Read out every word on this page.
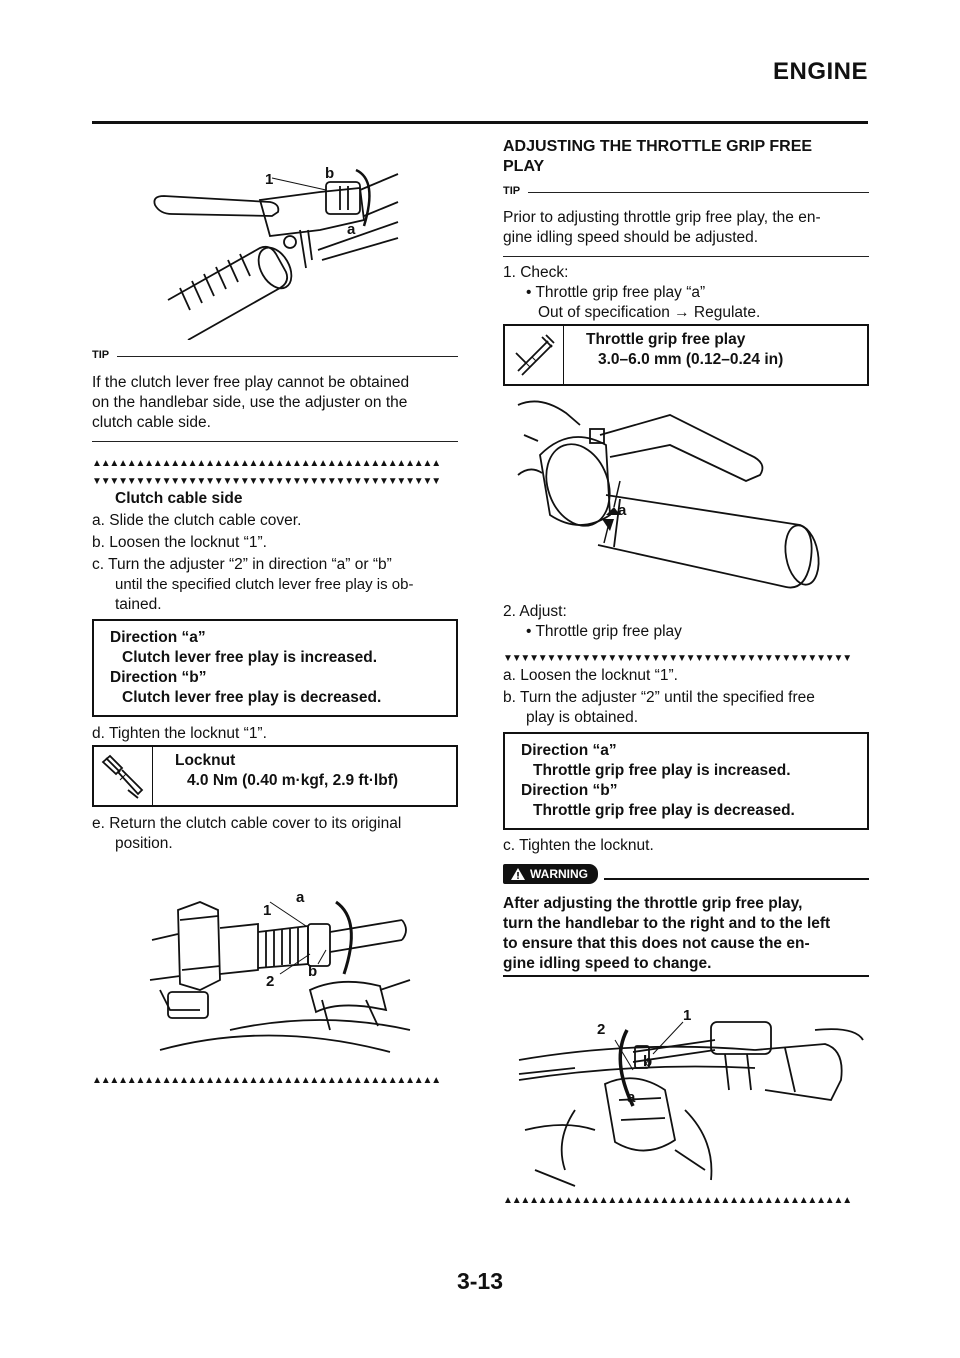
ENGINE
1	b
a
TIP
If the clutch lever free play cannot be obtained
on the handlebar side, use the adjuster on the
clutch cable side.
▲▲▲▲▲▲▲▲▲▲▲▲▲▲▲▲▲▲▲▲▲▲▲▲▲▲▲▲▲▲▲▲▲▲▲▲▲▲▲▲
▼▼▼▼▼▼▼▼▼▼▼▼▼▼▼▼▼▼▼▼▼▼▼▼▼▼▼▼▼▼▼▼▼▼▼▼▼▼▼▼
Clutch cable side
a. Slide the clutch cable cover.
b. Loosen the locknut “1”.
c. Turn the adjuster “2” in direction “a” or “b”
until the specified clutch lever free play is ob-
tained.
Direction “a”
Clutch lever free play is increased.
Direction “b”
Clutch lever free play is decreased.
d. Tighten the locknut “1”.
Locknut
4.0 Nm (0.40 m·kgf, 2.9 ft·lbf)
e. Return the clutch cable cover to its original
position.
a
1
2
b
▲▲▲▲▲▲▲▲▲▲▲▲▲▲▲▲▲▲▲▲▲▲▲▲▲▲▲▲▲▲▲▲▲▲▲▲▲▲▲▲
ADJUSTING THE THROTTLE GRIP FREE
PLAY
TIP
Prior to adjusting throttle grip free play, the en-
gine idling speed should be adjusted.
1. Check:
• Throttle grip free play “a”
Out of specification → Regulate.
Throttle grip free play
3.0–6.0 mm (0.12–0.24 in)
a
2. Adjust:
• Throttle grip free play
▼▼▼▼▼▼▼▼▼▼▼▼▼▼▼▼▼▼▼▼▼▼▼▼▼▼▼▼▼▼▼▼▼▼▼▼▼▼▼▼
a. Loosen the locknut “1”.
b. Turn the adjuster “2” until the specified free
play is obtained.
Direction “a”
Throttle grip free play is increased.
Direction “b”
Throttle grip free play is decreased.
c. Tighten the locknut.
WARNING
After adjusting the throttle grip free play,
turn the handlebar to the right and to the left
to ensure that this does not cause the en-
gine idling speed to change.
2
1
b
a
▲▲▲▲▲▲▲▲▲▲▲▲▲▲▲▲▲▲▲▲▲▲▲▲▲▲▲▲▲▲▲▲▲▲▲▲▲▲▲▲
3-13
